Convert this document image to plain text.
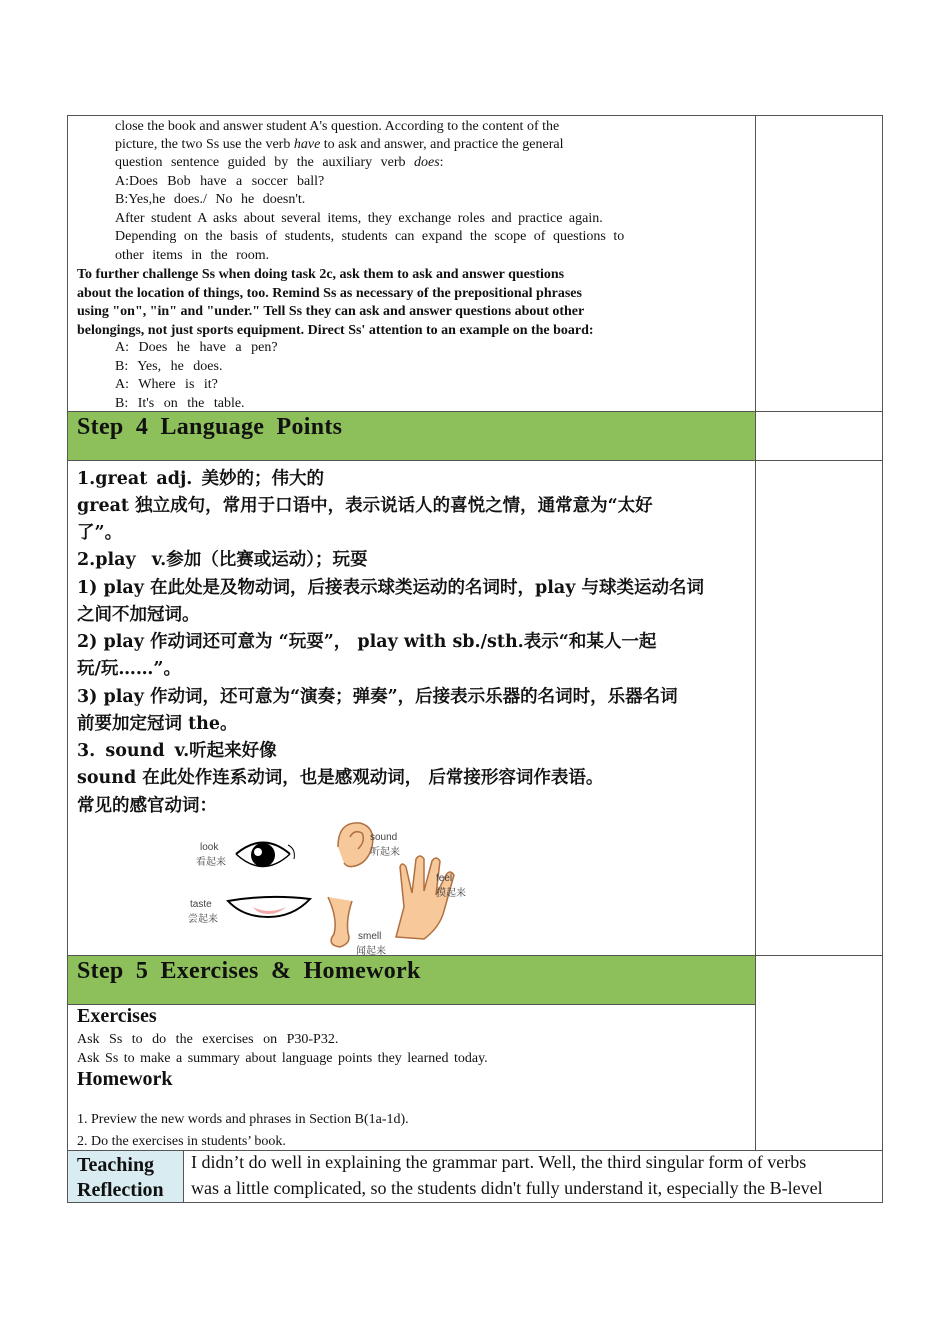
close the book and answer student A's question. According to the content of the
picture, the two Ss use the verb have to ask and answer, and practice the general
question sentence guided by the auxiliary verb does:
A:Does Bob have a soccer ball?
B:Yes,he does./ No he doesn't.
After student A asks about several items, they exchange roles and practice again.
Depending on the basis of students, students can expand the scope of questions to
other items in the room.
To further challenge Ss when doing task 2c, ask them to ask and answer questions
about the location of things, too. Remind Ss as necessary of the prepositional phrases
using "on", "in" and "under." Tell Ss they can ask and answer questions about other
belongings, not just sports equipment. Direct Ss' attention to an example on the board:
A: Does he have a pen?
B: Yes, he does.
A: Where is it?
B: It's on the table.
Step 4 Language Points
1.great adj. 美妙的；伟大的
great 独立成句，常用于口语中，表示说话人的喜悦之情，通常意为“太好
了”。
2.play v.参加（比赛或运动）；玩耍
1) play 在此处是及物动词，后接表示球类运动的名词时，play 与球类运动名词
之间不加冠词。
2) play 作动词还可意为 “玩耍”， play with sb./sth.表示“和某人一起
玩/玩……”。
3) play 作动词，还可意为“演奏；弹奏”，后接表示乐器的名词时，乐器名词
前要加定冠词 the。
3. sound v.听起来好像
sound 在此处作连系动词，也是感观动词， 后常接形容词作表语。
常见的感官动词：
look
看起来
sound
听起来
feel
摸起来
taste
尝起来
smell
闻起来
Step 5 Exercises & Homework
Exercises
Ask Ss to do the exercises on P30-P32.
Ask Ss to make a summary about language points they learned today.
Homework
1. Preview the new words and phrases in Section B(1a-1d).
2. Do the exercises in students’ book.
Teaching
Reflection
I didn’t do well in explaining the grammar part. Well, the third singular form of verbs
was a little complicated, so the students didn't fully understand it, especially the B-level
